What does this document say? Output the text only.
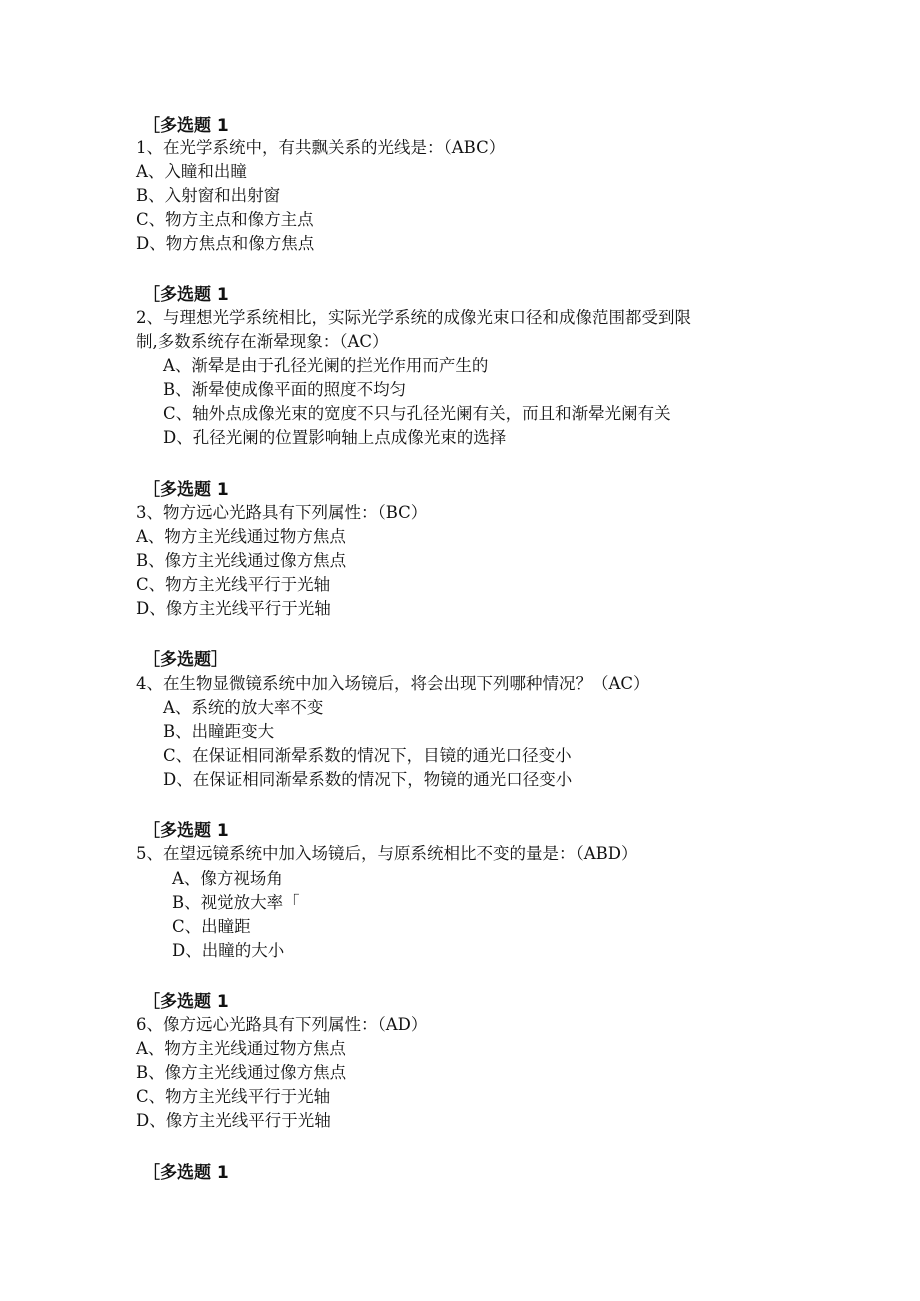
［多选题 1
1、在光学系统中，有共飘关系的光线是：（ABC）
A、入瞳和出瞳
B、入射窗和出射窗
C、物方主点和像方主点
D、物方焦点和像方焦点
［多选题 1
2、与理想光学系统相比，实际光学系统的成像光束口径和成像范围都受到限
制,多数系统存在渐晕现象：（AC）
A、渐晕是由于孔径光阑的拦光作用而产生的
B、渐晕使成像平面的照度不均匀
C、轴外点成像光束的宽度不只与孔径光阑有关，而且和渐晕光阑有关
D、孔径光阑的位置影响轴上点成像光束的选择
［多选题 1
3、物方远心光路具有下列属性：（BC）
A、物方主光线通过物方焦点
B、像方主光线通过像方焦点
C、物方主光线平行于光轴
D、像方主光线平行于光轴
［多选题］
4、在生物显微镜系统中加入场镜后，将会出现下列哪种情况？（AC）
A、系统的放大率不变
B、出瞳距变大
C、在保证相同渐晕系数的情况下，目镜的通光口径变小
D、在保证相同渐晕系数的情况下，物镜的通光口径变小
［多选题 1
5、在望远镜系统中加入场镜后，与原系统相比不变的量是：（ABD）
A、像方视场角
B、视觉放大率「
C、出瞳距
D、出瞳的大小
［多选题 1
6、像方远心光路具有下列属性：（AD）
A、物方主光线通过物方焦点
B、像方主光线通过像方焦点
C、物方主光线平行于光轴
D、像方主光线平行于光轴
［多选题 1
